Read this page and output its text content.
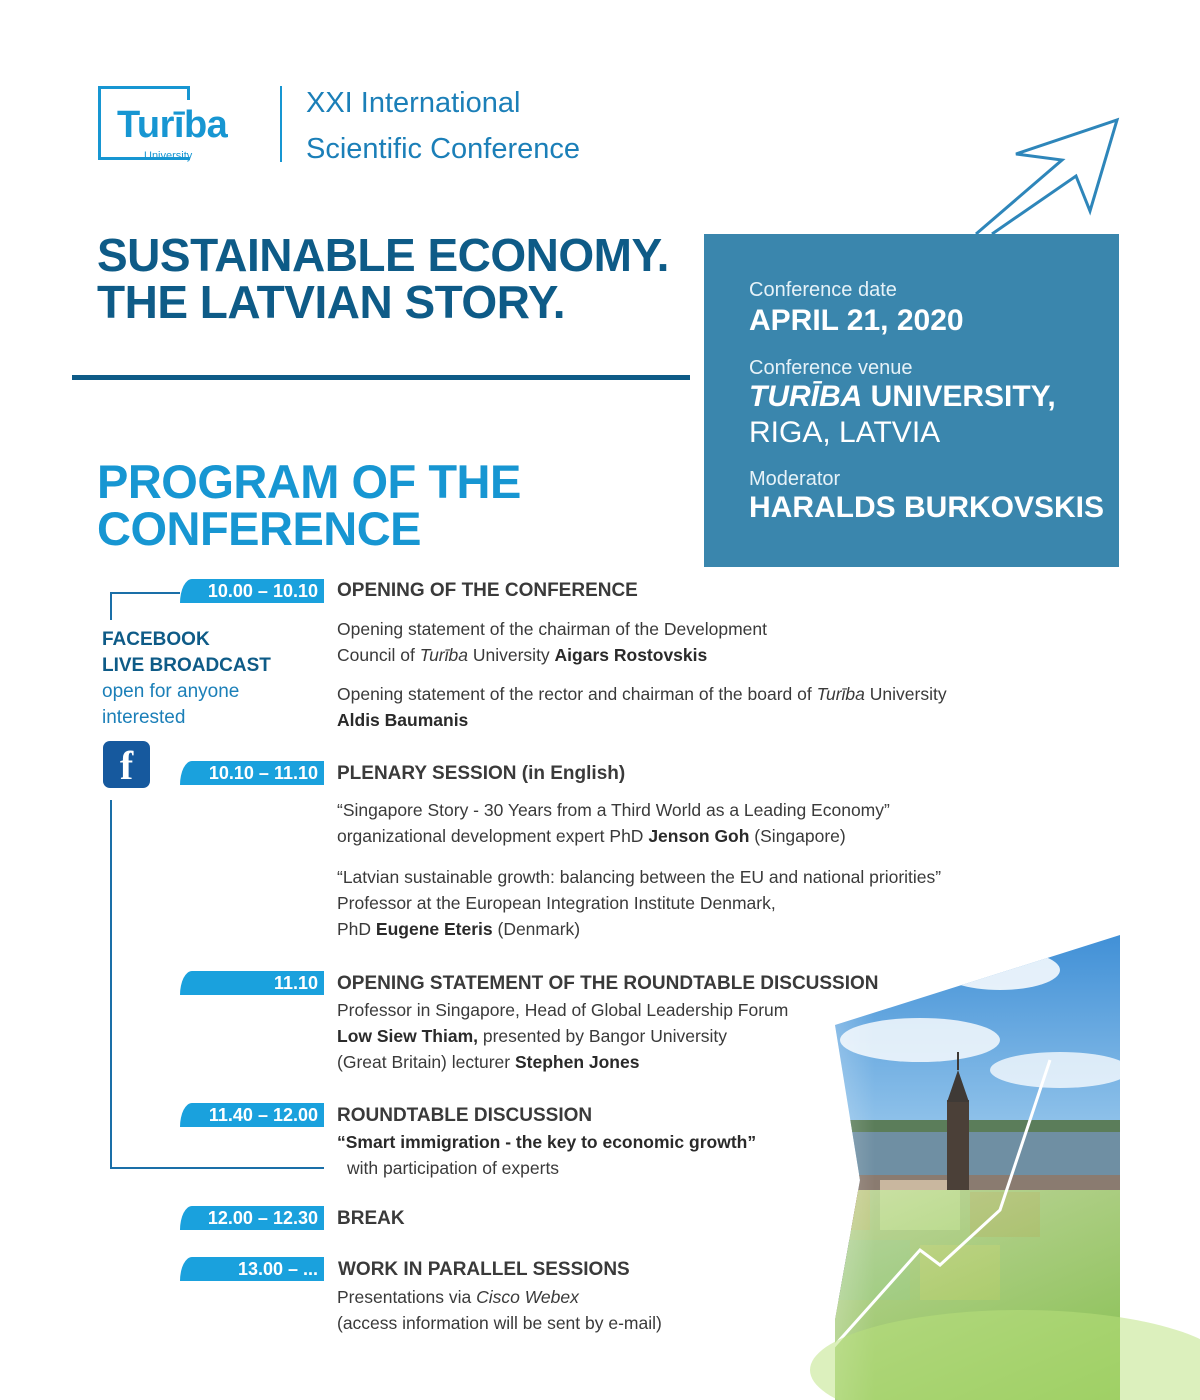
Turība
University
XXI International
Scientific Conference
SUSTAINABLE ECONOMY.
THE LATVIAN STORY.	Conference date
APRIL 21, 2020
Conference venue
TURĪBA UNIVERSITY,
RIGA, LATVIA
Moderator
HARALDS BURKOVSKIS
PROGRAM OF THE
CONFERENCE
FACEBOOK
LIVE BROADCAST
open for anyone
interested
f
10.00 – 10.10	OPENING OF THE CONFERENCE
Opening statement of the chairman of the Development
Council of Turība University Aigars Rostovskis
Opening statement of the rector and chairman of the board of Turība University
Aldis Baumanis
10.10 – 11.10	PLENARY SESSION (in English)
“Singapore Story - 30 Years from a Third World as a Leading Economy”
organizational development expert PhD Jenson Goh (Singapore)
“Latvian sustainable growth: balancing between the EU and national priorities”
Professor at the European Integration Institute Denmark,
PhD Eugene Eteris (Denmark)
11.10	OPENING STATEMENT OF THE ROUNDTABLE DISCUSSION
Professor in Singapore, Head of Global Leadership Forum
Low Siew Thiam, presented by Bangor University
(Great Britain) lecturer Stephen Jones
11.40 – 12.00	ROUNDTABLE DISCUSSION
“Smart immigration - the key to economic growth”
with participation of experts
12.00 – 12.30	BREAK
13.00 – ...	WORK IN PARALLEL SESSIONS
Presentations via Cisco Webex
(access information will be sent by e-mail)
